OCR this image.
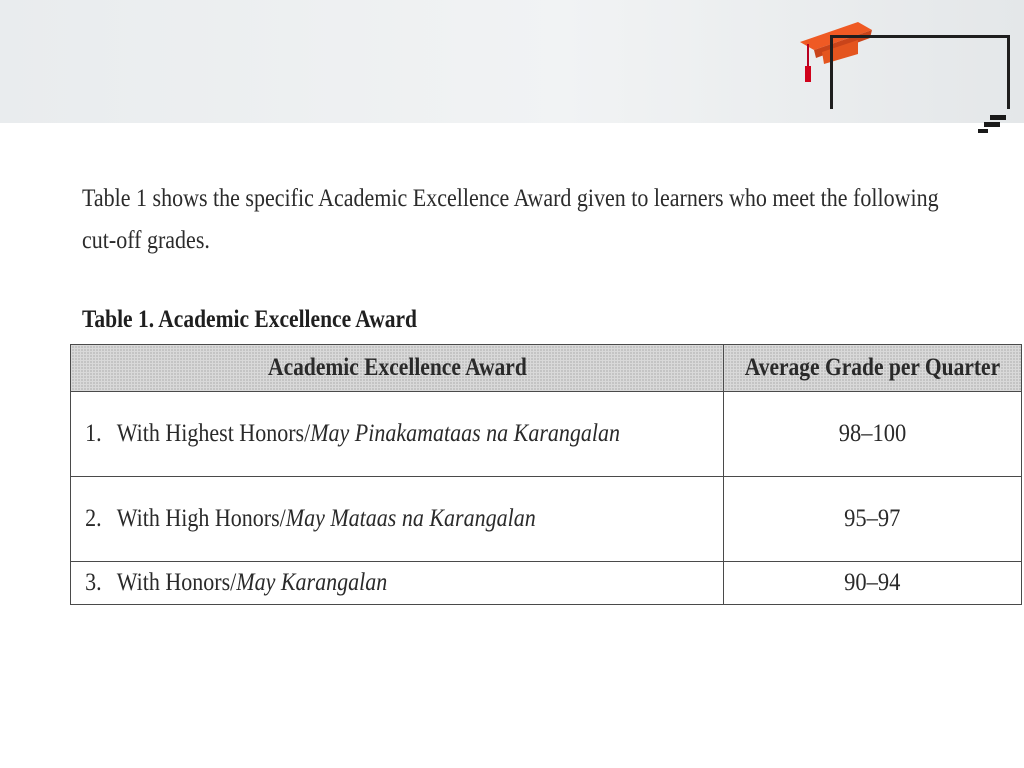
Table 1 shows the specific Academic Excellence Award given to learners who meet the following cut-off grades.
Table 1. Academic Excellence Award
Academic Excellence Award	Average Grade per Quarter

1. With Highest Honors/May Pinakamataas na Karangalan	98–100

2. With High Honors/May Mataas na Karangalan	95–97

3. With Honors/May Karangalan	90–94
